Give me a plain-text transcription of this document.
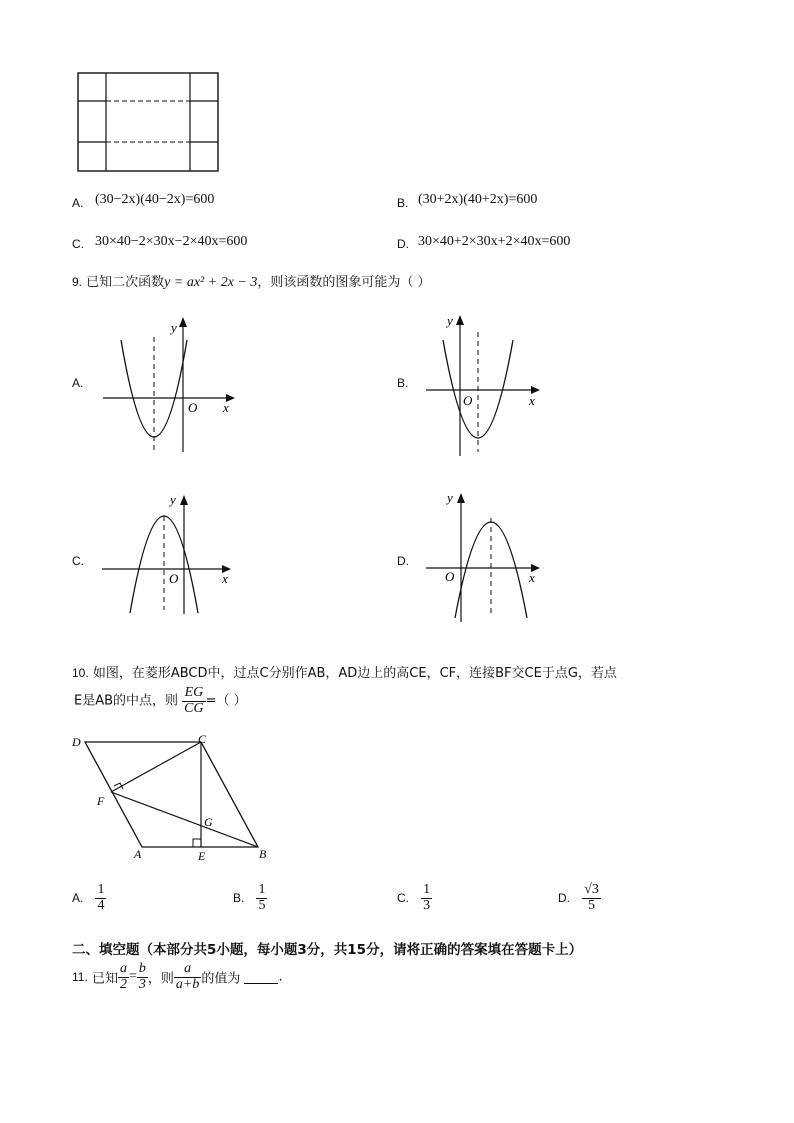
A. (30−2x)(40−2x)=600	B. (30+2x)(40+2x)=600
C. 30×40−2×30x−2×40x=600	D. 30×40+2×30x+2×40x=600
9. 已知二次函数y = ax² + 2x − 3，则该函数的图象可能为（ ）
A.	B.
C.	D.
y
O x
y
O	x
y
O	x
y
O	x
10. 如图，在菱形ABCD中，过点C分别作AB，AD边上的高CE，CF，连接BF交CE于点G，若点
E是AB的中点，则 $\frac{EG}{CG}$ =（ ）
D	C
F
G
A	E	B
A. $\frac{1}{4}$	B. $\frac{1}{5}$	C. $\frac{1}{3}$	D. $\frac{√3}{5}$
二、填空题（本部分共5小题，每小题3分，共15分，请将正确的答案填在答题卡上）
11. 已知 $\frac{a}{2} = \frac{b}{3}$ ，则 $\frac{a}{a+b}$ 的值为	.
